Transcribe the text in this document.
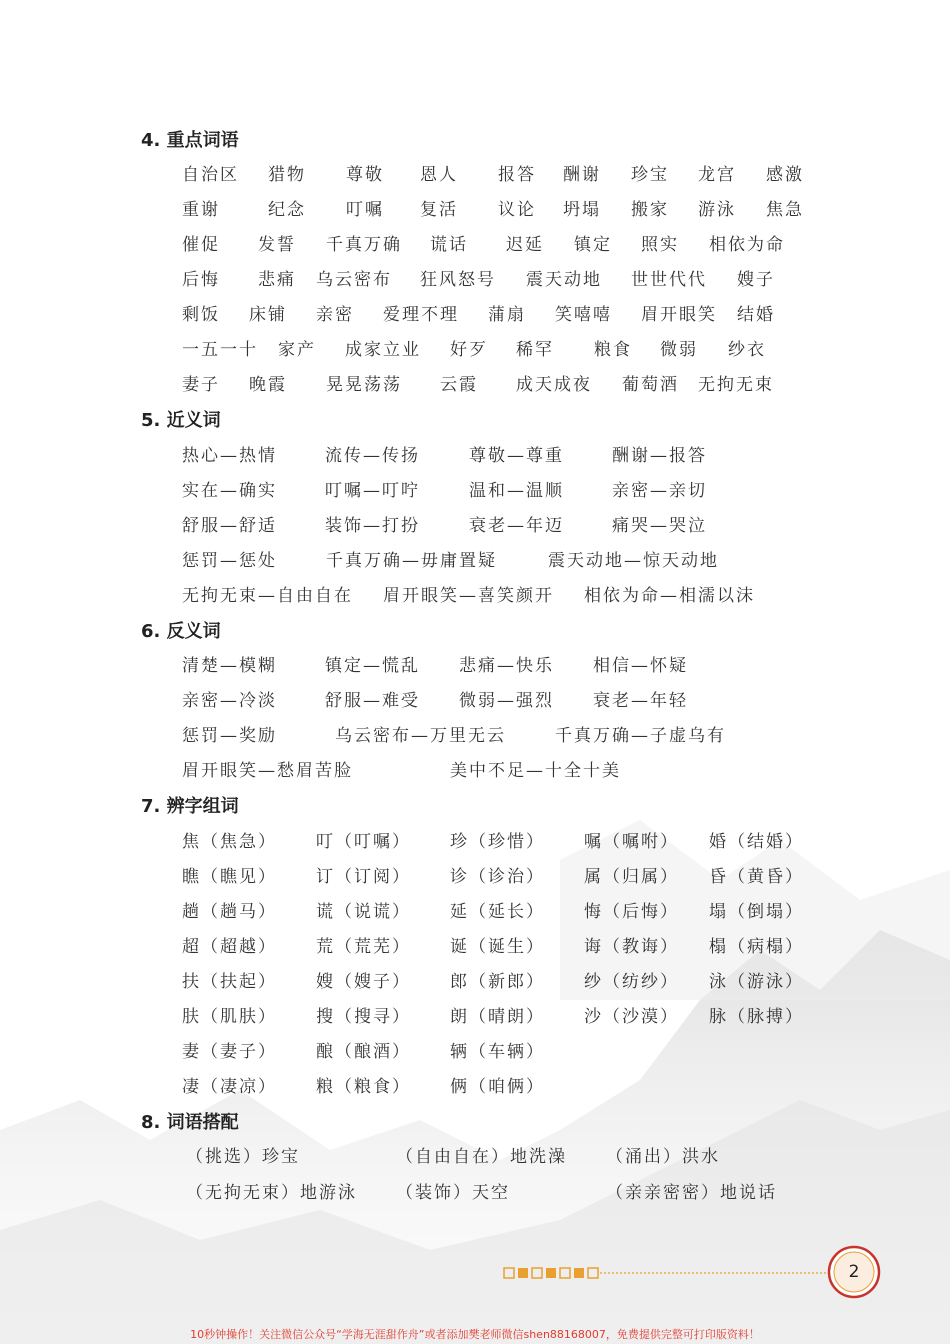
4. 重点词语
自治区 猎物 尊敬 恩人 报答 酬谢 珍宝 龙宫 感激
重谢	纪念 叮嘱 复活 议论 坍塌 搬家 游泳 焦急
催促 发誓 千真万确 谎话 迟延 镇定 照实 相依为命
后悔 悲痛 乌云密布 狂风怒号 震天动地 世世代代 嫂子
剩饭 床铺 亲密 爱理不理 蒲扇 笑嘻嘻 眉开眼笑 结婚
一五一十 家产 成家立业 好歹 稀罕 粮食 微弱 纱衣
妻子 晚霞 晃晃荡荡 云霞 成天成夜 葡萄酒 无拘无束
5. 近义词
热心—热情	流传—传扬	尊敬—尊重	酬谢—报答
实在—确实	叮嘱—叮咛	温和—温顺	亲密—亲切
舒服—舒适	装饰—打扮	衰老—年迈	痛哭—哭泣
惩罚—惩处	千真万确—毋庸置疑	震天动地—惊天动地
无拘无束—自由自在 眉开眼笑—喜笑颜开 相依为命—相濡以沫
6. 反义词
清楚—模糊	镇定—慌乱 悲痛—快乐 相信—怀疑
亲密—冷淡	舒服—难受 微弱—强烈 衰老—年轻
惩罚—奖励	乌云密布—万里无云	千真万确—子虚乌有
眉开眼笑—愁眉苦脸	美中不足—十全十美
7. 辨字组词
焦（焦急） 叮（叮嘱） 珍（珍惜） 嘱（嘱咐） 婚（结婚）
瞧（瞧见） 订（订阅） 诊（诊治） 属（归属） 昏（黄昏）
趟（趟马） 谎（说谎） 延（延长） 悔（后悔） 塌（倒塌）
超（超越） 荒（荒芜） 诞（诞生） 诲（教诲） 榻（病榻）
扶（扶起） 嫂（嫂子） 郎（新郎） 纱（纺纱） 泳（游泳）
肤（肌肤） 搜（搜寻） 朗（晴朗） 沙（沙漠） 脉（脉搏）
妻（妻子） 酿（酿酒） 辆（车辆）
凄（凄凉） 粮（粮食） 俩（咱俩）
8. 词语搭配
（挑选）珍宝	（自由自在）地洗澡 （涌出）洪水
（无拘无束）地游泳 （装饰）天空	（亲亲密密）地说话
2
10秒钟操作！关注微信公众号“学海无涯甜作舟”或者添加樊老师微信shen88168007，免费提供完整可打印版资料！
